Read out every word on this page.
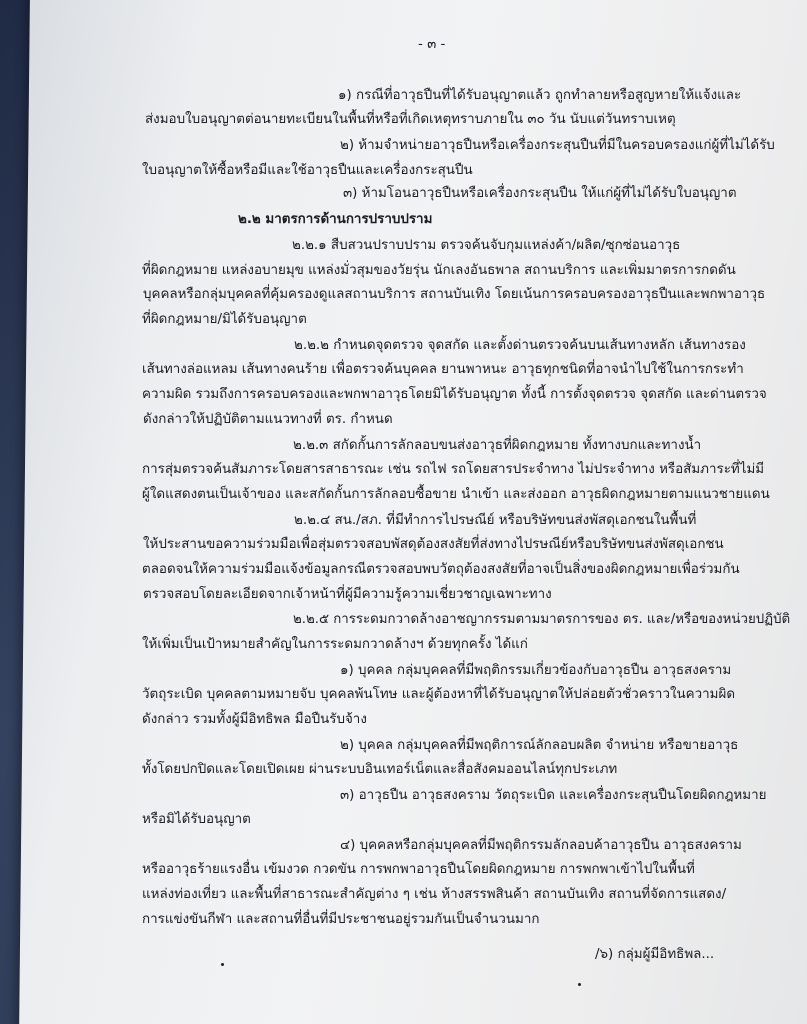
- ๓ -
๑) กรณีที่อาวุธปืนที่ได้รับอนุญาตแล้ว ถูกทำลายหรือสูญหายให้แจ้งและ
ส่งมอบใบอนุญาตต่อนายทะเบียนในพื้นที่หรือที่เกิดเหตุทราบภายใน ๓๐ วัน นับแต่วันทราบเหตุ
๒) ห้ามจำหน่ายอาวุธปืนหรือเครื่องกระสุนปืนที่มีในครอบครองแก่ผู้ที่ไม่ได้รับ
ใบอนุญาตให้ซื้อหรือมีและใช้อาวุธปืนและเครื่องกระสุนปืน
๓) ห้ามโอนอาวุธปืนหรือเครื่องกระสุนปืน ให้แก่ผู้ที่ไม่ได้รับใบอนุญาต
๒.๒ มาตรการด้านการปราบปราม
๒.๒.๑ สืบสวนปราบปราม ตรวจค้นจับกุมแหล่งค้า/ผลิต/ซุกซ่อนอาวุธ
ที่ผิดกฎหมาย แหล่งอบายมุข แหล่งมั่วสุมของวัยรุ่น นักเลงอันธพาล สถานบริการ และเพิ่มมาตรการกดดัน
บุคคลหรือกลุ่มบุคคลที่คุ้มครองดูแลสถานบริการ สถานบันเทิง โดยเน้นการครอบครองอาวุธปืนและพกพาอาวุธ
ที่ผิดกฎหมาย/มิได้รับอนุญาต
๒.๒.๒ กำหนดจุดตรวจ จุดสกัด และตั้งด่านตรวจค้นบนเส้นทางหลัก เส้นทางรอง
เส้นทางล่อแหลม เส้นทางคนร้าย เพื่อตรวจค้นบุคคล ยานพาหนะ อาวุธทุกชนิดที่อาจนำไปใช้ในการกระทำ
ความผิด รวมถึงการครอบครองและพกพาอาวุธโดยมิได้รับอนุญาต ทั้งนี้ การตั้งจุดตรวจ จุดสกัด และด่านตรวจ
ดังกล่าวให้ปฏิบัติตามแนวทางที่ ตร. กำหนด
๒.๒.๓ สกัดกั้นการลักลอบขนส่งอาวุธที่ผิดกฎหมาย ทั้งทางบกและทางน้ำ
การสุ่มตรวจค้นสัมภาระโดยสารสาธารณะ เช่น รถไฟ รถโดยสารประจำทาง ไม่ประจำทาง หรือสัมภาระที่ไม่มี
ผู้ใดแสดงตนเป็นเจ้าของ และสกัดกั้นการลักลอบซื้อขาย นำเข้า และส่งออก อาวุธผิดกฎหมายตามแนวชายแดน
๒.๒.๔ สน./สภ. ที่มีทำการไปรษณีย์ หรือบริษัทขนส่งพัสดุเอกชนในพื้นที่
ให้ประสานขอความร่วมมือเพื่อสุ่มตรวจสอบพัสดุต้องสงสัยที่ส่งทางไปรษณีย์หรือบริษัทขนส่งพัสดุเอกชน
ตลอดจนให้ความร่วมมือแจ้งข้อมูลกรณีตรวจสอบพบวัตถุต้องสงสัยที่อาจเป็นสิ่งของผิดกฎหมายเพื่อร่วมกัน
ตรวจสอบโดยละเอียดจากเจ้าหน้าที่ผู้มีความรู้ความเชี่ยวชาญเฉพาะทาง
๒.๒.๕ การระดมกวาดล้างอาชญากรรมตามมาตรการของ ตร. และ/หรือของหน่วยปฏิบัติ
ให้เพิ่มเป็นเป้าหมายสำคัญในการระดมกวาดล้างฯ ด้วยทุกครั้ง ได้แก่
๑) บุคคล กลุ่มบุคคลที่มีพฤติกรรมเกี่ยวข้องกับอาวุธปืน อาวุธสงคราม
วัตถุระเบิด บุคคลตามหมายจับ บุคคลพ้นโทษ และผู้ต้องหาที่ได้รับอนุญาตให้ปล่อยตัวชั่วคราวในความผิด
ดังกล่าว รวมทั้งผู้มีอิทธิพล มือปืนรับจ้าง
๒) บุคคล กลุ่มบุคคลที่มีพฤติการณ์ลักลอบผลิต จำหน่าย หรือขายอาวุธ
ทั้งโดยปกปิดและโดยเปิดเผย ผ่านระบบอินเทอร์เน็ตและสื่อสังคมออนไลน์ทุกประเภท
๓) อาวุธปืน อาวุธสงคราม วัตถุระเบิด และเครื่องกระสุนปืนโดยผิดกฎหมาย
หรือมิได้รับอนุญาต
๔) บุคคลหรือกลุ่มบุคคลที่มีพฤติกรรมลักลอบค้าอาวุธปืน อาวุธสงคราม
หรืออาวุธร้ายแรงอื่น เข้มงวด กวดขัน การพกพาอาวุธปืนโดยผิดกฎหมาย การพกพาเข้าไปในพื้นที่
แหล่งท่องเที่ยว และพื้นที่สาธารณะสำคัญต่าง ๆ เช่น ห้างสรรพสินค้า สถานบันเทิง สถานที่จัดการแสดง/
การแข่งขันกีฬา และสถานที่อื่นที่มีประชาชนอยู่รวมกันเป็นจำนวนมาก
/๖) กลุ่มผู้มีอิทธิพล...
